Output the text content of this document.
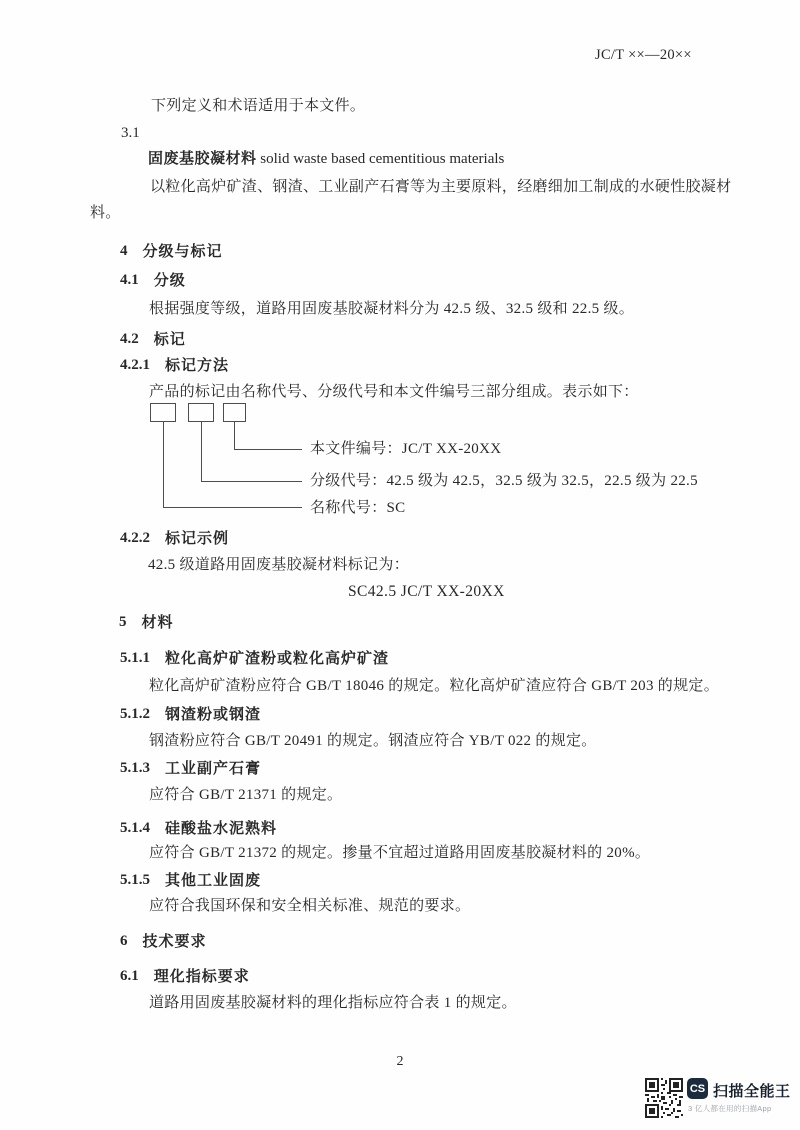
JC/T ××—20××
下列定义和术语适用于本文件。
3.1
固废基胶凝材料 solid waste based cementitious materials
以粒化高炉矿渣、钢渣、工业副产石膏等为主要原料，经磨细加工制成的水硬性胶凝材
料。
4 分级与标记
4.1 分级
根据强度等级，道路用固废基胶凝材料分为 42.5 级、32.5 级和 22.5 级。
4.2 标记
4.2.1 标记方法
产品的标记由名称代号、分级代号和本文件编号三部分组成。表示如下：
本文件编号：JC/T XX-20XX
分级代号：42.5 级为 42.5，32.5 级为 32.5，22.5 级为 22.5
名称代号：SC
4.2.2 标记示例
42.5 级道路用固废基胶凝材料标记为：
SC42.5 JC/T XX-20XX
5 材料
5.1.1 粒化高炉矿渣粉或粒化高炉矿渣
粒化高炉矿渣粉应符合 GB/T 18046 的规定。粒化高炉矿渣应符合 GB/T 203 的规定。
5.1.2 钢渣粉或钢渣
钢渣粉应符合 GB/T 20491 的规定。钢渣应符合 YB/T 022 的规定。
5.1.3 工业副产石膏
应符合 GB/T 21371 的规定。
5.1.4 硅酸盐水泥熟料
应符合 GB/T 21372 的规定。掺量不宜超过道路用固废基胶凝材料的 20%。
5.1.5 其他工业固废
应符合我国环保和安全相关标准、规范的要求。
6 技术要求
6.1 理化指标要求
道路用固废基胶凝材料的理化指标应符合表 1 的规定。
2
CS 扫描全能王
3 亿人都在用的扫描App
